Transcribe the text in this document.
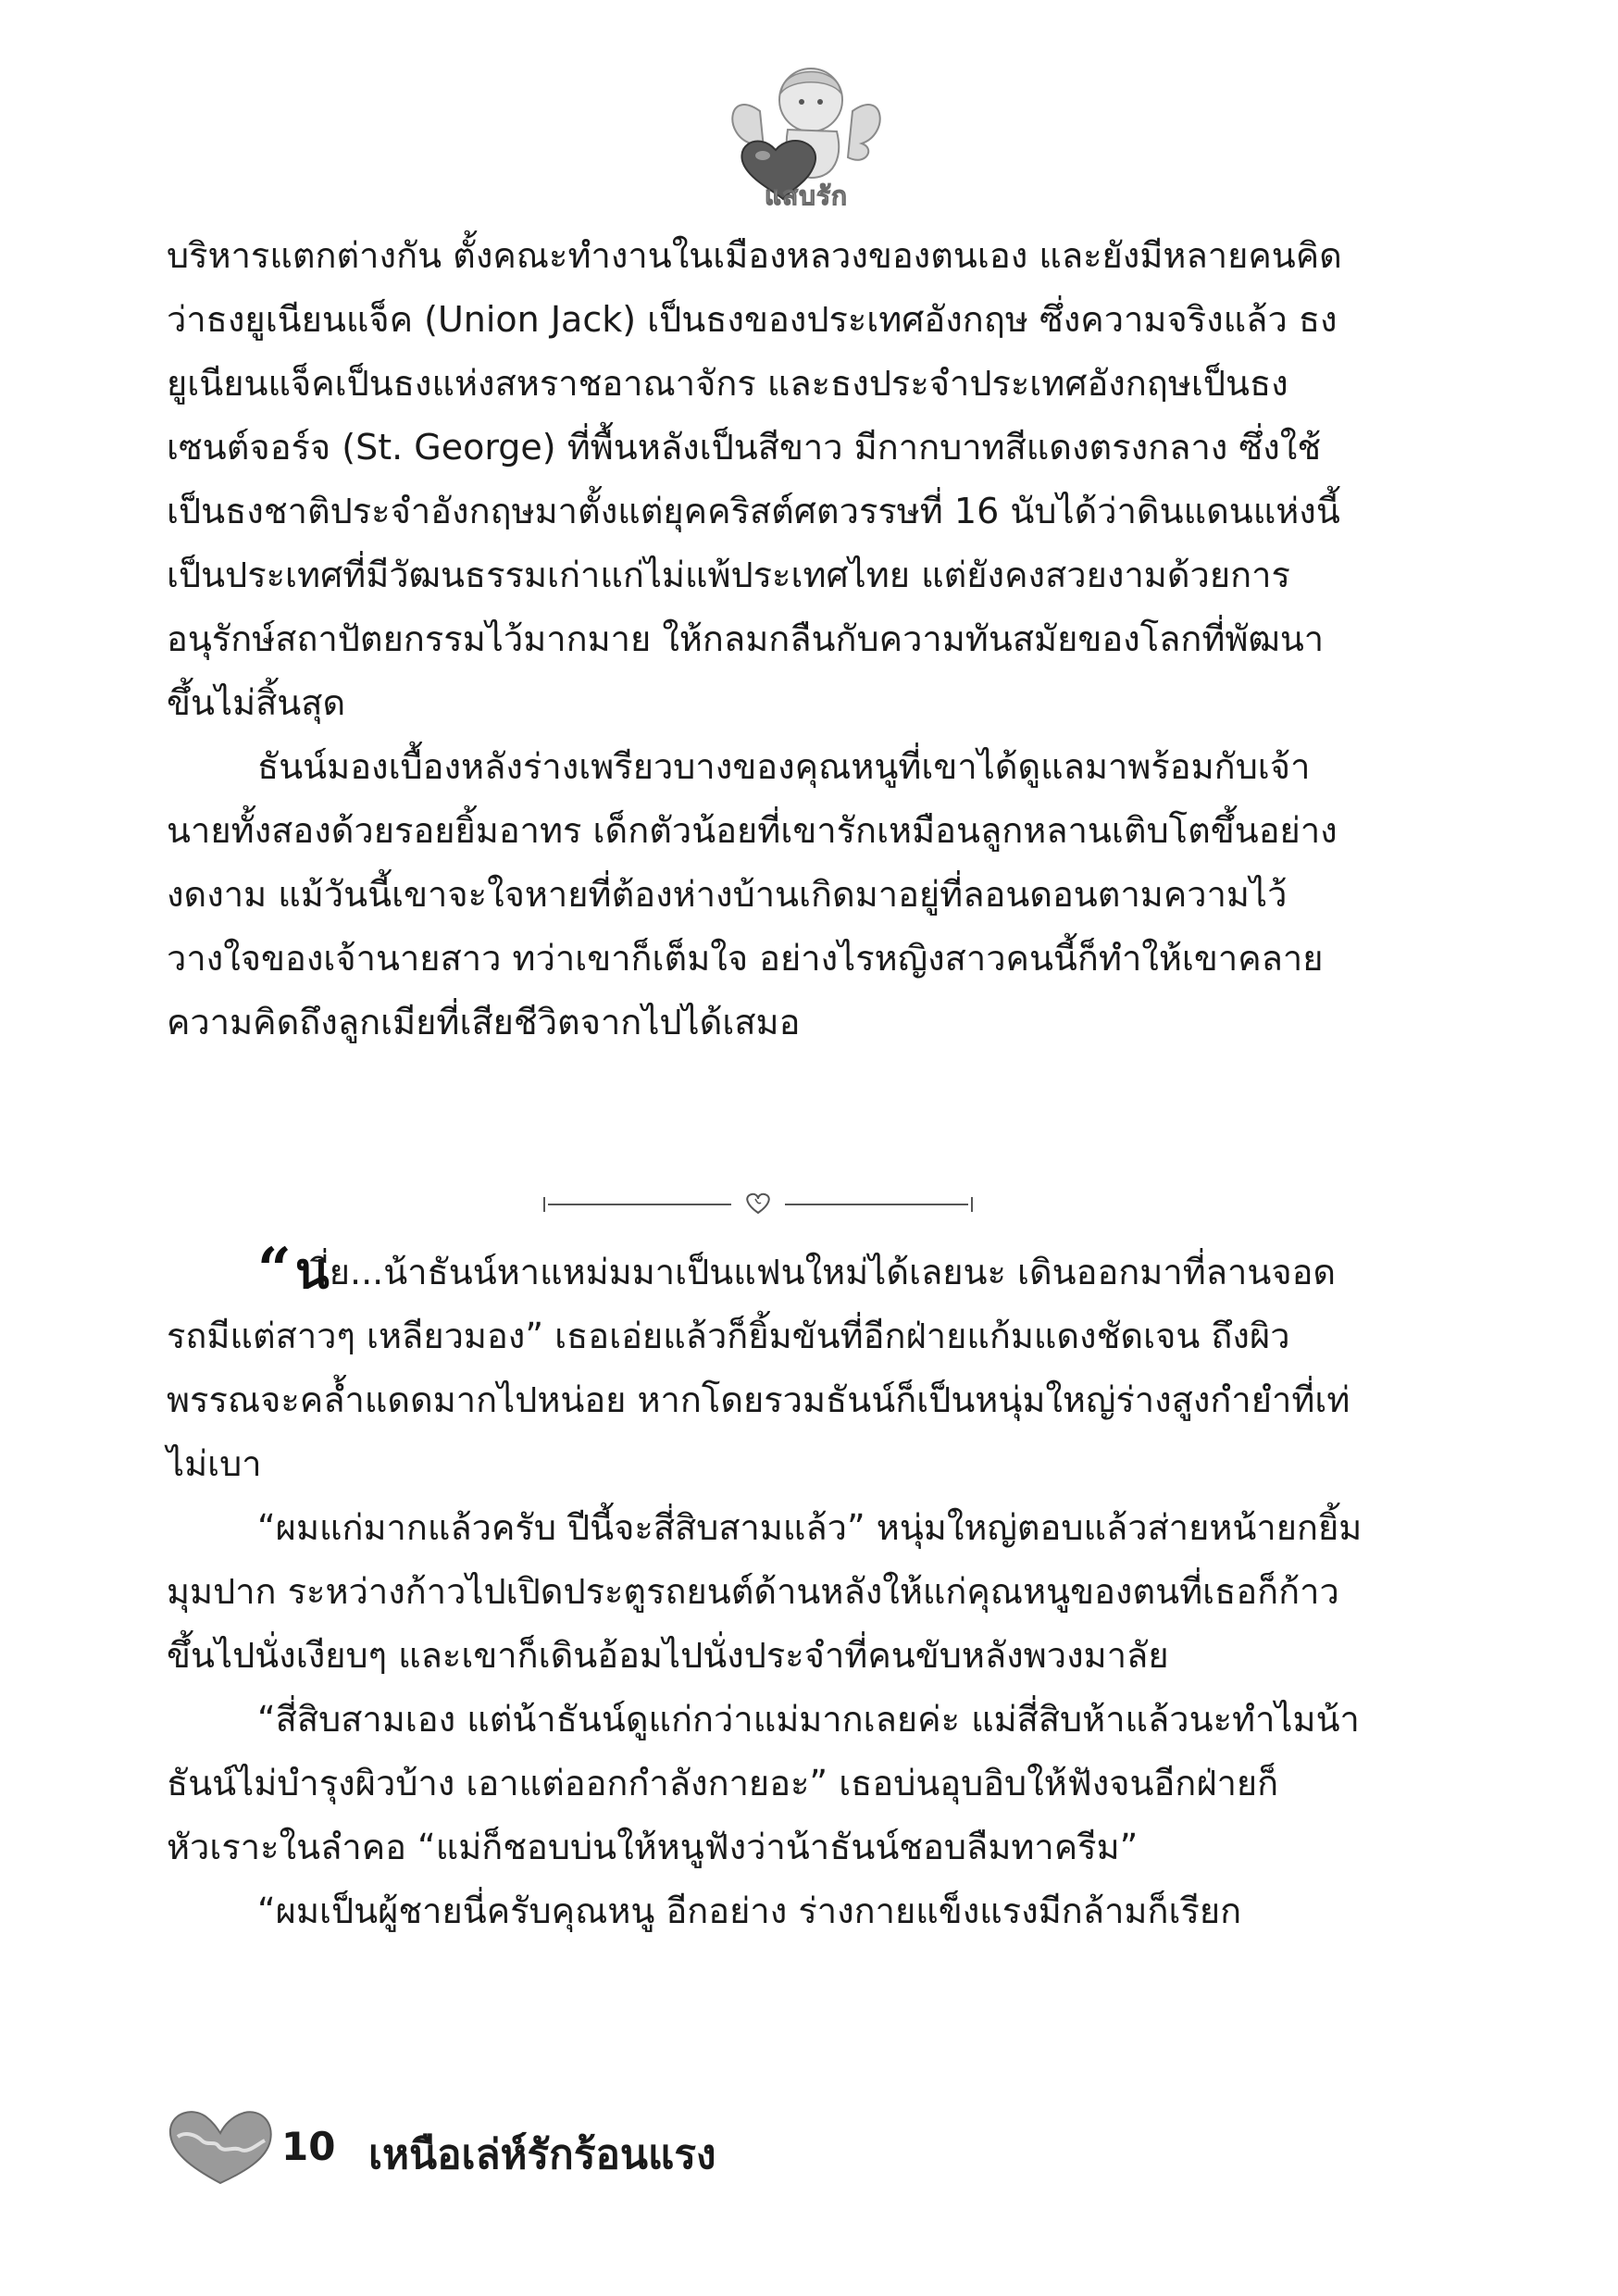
แสบรัก

บริหารแตกต่างกัน ตั้งคณะทำงานในเมืองหลวงของตนเอง และยังมีหลายคนคิดว่าธงยูเนียนแจ็ค (Union Jack) เป็นธงของประเทศอังกฤษ ซึ่งความจริงแล้ว ธงยูเนียนแจ็คเป็นธงแห่งสหราชอาณาจักร และธงประจำประเทศอังกฤษเป็นธงเซนต์จอร์จ (St. George) ที่พื้นหลังเป็นสีขาว มีกากบาทสีแดงตรงกลาง ซึ่งใช้เป็นธงชาติประจำอังกฤษมาตั้งแต่ยุคคริสต์ศตวรรษที่ 16 นับได้ว่าดินแดนแห่งนี้เป็นประเทศที่มีวัฒนธรรมเก่าแก่ไม่แพ้ประเทศไทย แต่ยังคงสวยงามด้วยการอนุรักษ์สถาปัตยกรรมไว้มากมาย ให้กลมกลืนกับความทันสมัยของโลกที่พัฒนาขึ้นไม่สิ้นสุด

ธันน์มองเบื้องหลังร่างเพรียวบางของคุณหนูที่เขาได้ดูแลมาพร้อมกับเจ้านายทั้งสองด้วยรอยยิ้มอาทร เด็กตัวน้อยที่เขารักเหมือนลูกหลานเติบโตขึ้นอย่างงดงาม แม้วันนี้เขาจะใจหายที่ต้องห่างบ้านเกิดมาอยู่ที่ลอนดอนตามความไว้วางใจของเจ้านายสาว ทว่าเขาก็เต็มใจ อย่างไรหญิงสาวคนนี้ก็ทำให้เขาคลายความคิดถึงลูกเมียที่เสียชีวิตจากไปได้เสมอ

“นี่ย...น้าธันน์หาแหม่มมาเป็นแฟนใหม่ได้เลยนะ เดินออกมาที่ลานจอดรถมีแต่สาวๆ เหลียวมอง” เธอเอ่ยแล้วก็ยิ้มขันที่อีกฝ่ายแก้มแดงชัดเจน ถึงผิวพรรณจะคล้ำแดดมากไปหน่อย หากโดยรวมธันน์ก็เป็นหนุ่มใหญ่ร่างสูงกำยำที่เท่ไม่เบา

“ผมแก่มากแล้วครับ ปีนี้จะสี่สิบสามแล้ว” หนุ่มใหญ่ตอบแล้วส่ายหน้ายกยิ้มมุมปาก ระหว่างก้าวไปเปิดประตูรถยนต์ด้านหลังให้แก่คุณหนูของตนที่เธอก็ก้าวขึ้นไปนั่งเงียบๆ และเขาก็เดินอ้อมไปนั่งประจำที่คนขับหลังพวงมาลัย

“สี่สิบสามเอง แต่น้าธันน์ดูแก่กว่าแม่มากเลยค่ะ แม่สี่สิบห้าแล้วนะทำไมน้าธันน์ไม่บำรุงผิวบ้าง เอาแต่ออกกำลังกายอะ” เธอบ่นอุบอิบให้ฟังจนอีกฝ่ายก็หัวเราะในลำคอ “แม่ก็ชอบบ่นให้หนูฟังว่าน้าธันน์ชอบลืมทาครีม”

“ผมเป็นผู้ชายนี่ครับคุณหนู อีกอย่าง ร่างกายแข็งแรงมีกล้ามก็เรียก

10 เหนือเล่ห์รักร้อนแรง
